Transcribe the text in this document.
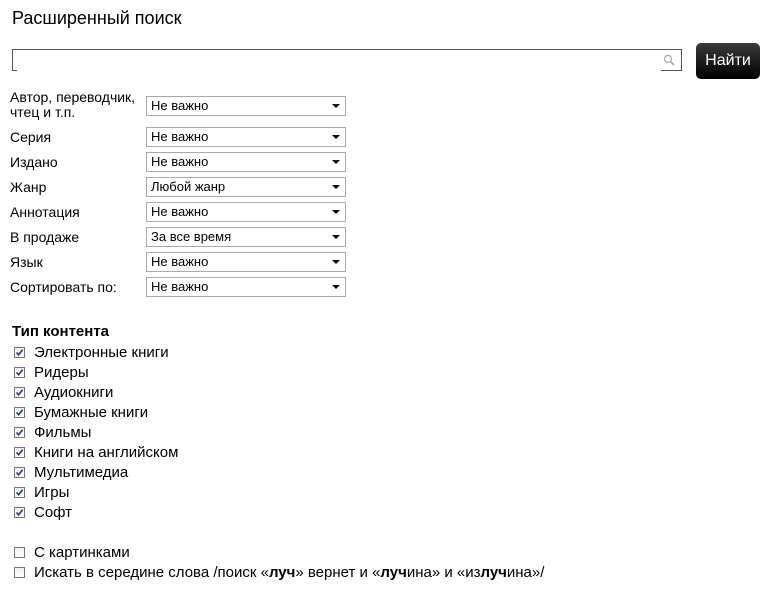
Расширенный поиск
Найти
Автор, переводчик, чтец и т.п.	Не важно
Серия	Не важно
Издано	Не важно
Жанр	Любой жанр
Аннотация	Не важно
В продаже	За все время
Язык	Не важно
Сортировать по:	Не важно
Тип контента
Электронные книги
Ридеры
Аудиокниги
Бумажные книги
Фильмы
Книги на английском
Мультимедиа
Игры
Софт
С картинками
Искать в середине слова /поиск «луч» вернет и «лучина» и «излучина»/
